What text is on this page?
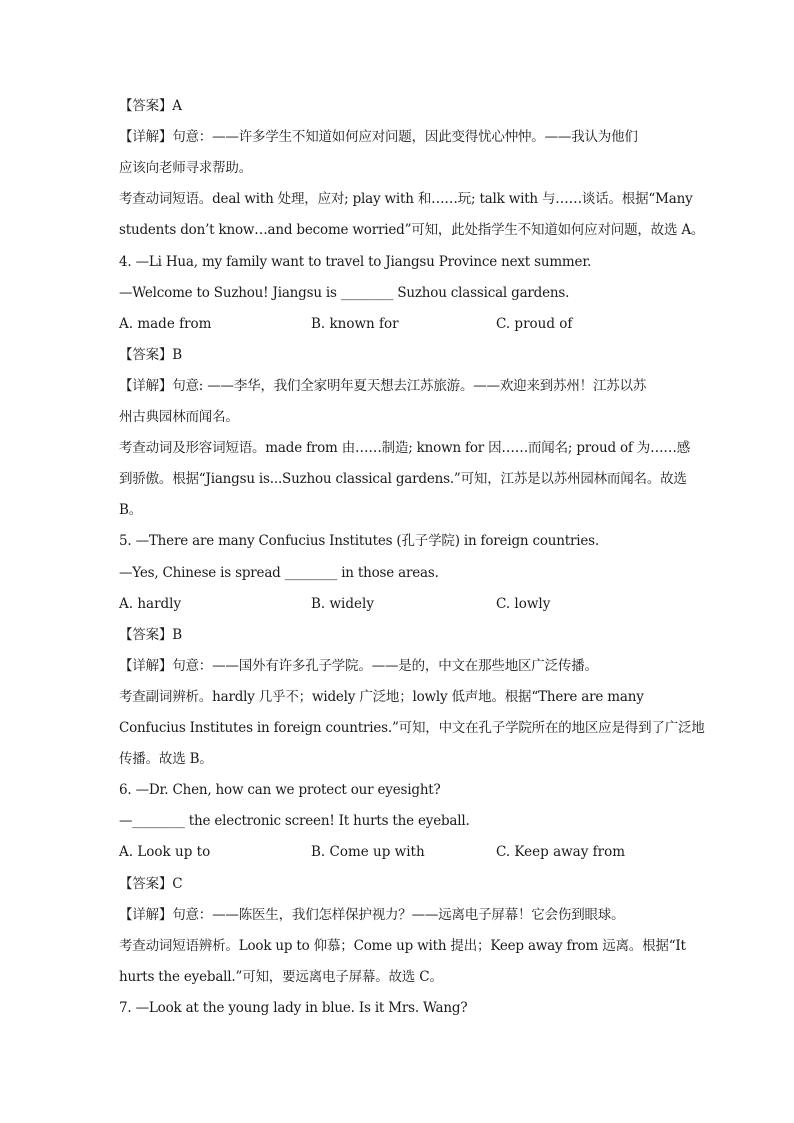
【答案】A
【详解】句意：——许多学生不知道如何应对问题，因此变得忧心忡忡。——我认为他们
应该向老师寻求帮助。
考查动词短语。deal with 处理，应对; play with 和……玩; talk with 与……谈话。根据“Many
students don’t know…and become worried”可知，此处指学生不知道如何应对问题，故选 A。
4. —Li Hua, my family want to travel to Jiangsu Province next summer.
—Welcome to Suzhou! Jiangsu is ________ Suzhou classical gardens.
A. made from	B. known for	C. proud of
【答案】B
【详解】句意: ——李华，我们全家明年夏天想去江苏旅游。——欢迎来到苏州！江苏以苏
州古典园林而闻名。
考查动词及形容词短语。made from 由……制造; known for 因……而闻名; proud of 为……感
到骄傲。根据“Jiangsu is...Suzhou classical gardens.”可知，江苏是以苏州园林而闻名。故选
B。
5. —There are many Confucius Institutes (孔子学院) in foreign countries.
—Yes, Chinese is spread ________ in those areas.
A. hardly	B. widely	C. lowly
【答案】B
【详解】句意：——国外有许多孔子学院。——是的，中文在那些地区广泛传播。
考查副词辨析。hardly 几乎不；widely 广泛地；lowly 低声地。根据“There are many
Confucius Institutes in foreign countries.”可知，中文在孔子学院所在的地区应是得到了广泛地
传播。故选 B。
6. —Dr. Chen, how can we protect our eyesight?
—________ the electronic screen! It hurts the eyeball.
A. Look up to	B. Come up with	C. Keep away from
【答案】C
【详解】句意：——陈医生，我们怎样保护视力？——远离电子屏幕！它会伤到眼球。
考查动词短语辨析。Look up to 仰慕；Come up with 提出；Keep away from 远离。根据“It
hurts the eyeball.”可知，要远离电子屏幕。故选 C。
7. —Look at the young lady in blue. Is it Mrs. Wang?
